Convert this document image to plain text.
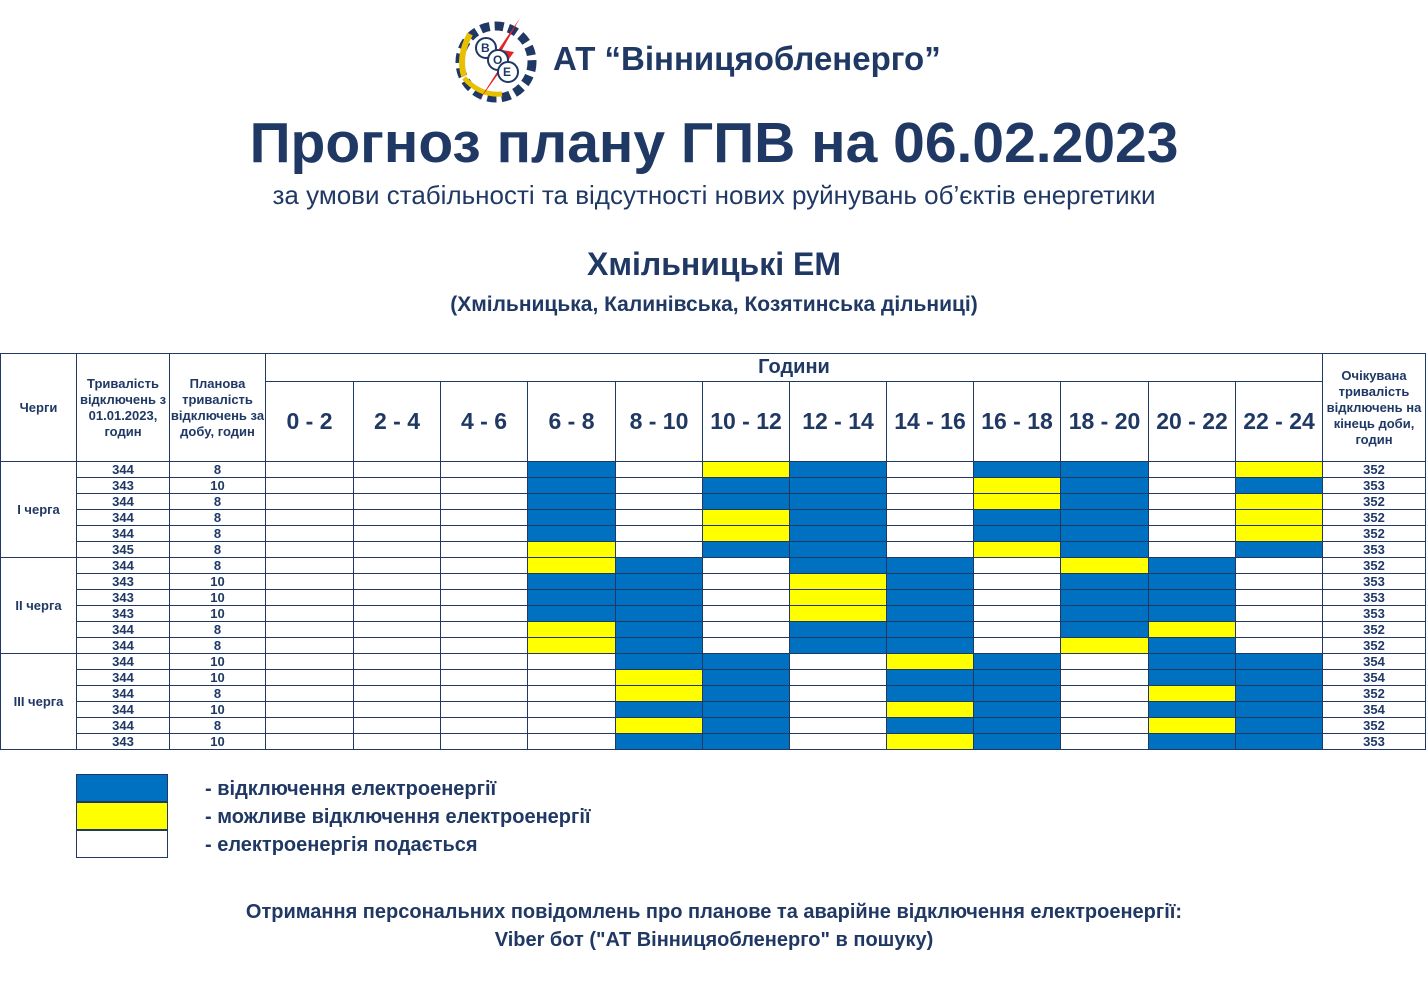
ВОЕ АТ “Вінницяобленерго”
Прогноз плану ГПВ на 06.02.2023
за умови стабільності та відсутності нових руйнувань об’єктів енергетики
Хмільницькі ЕМ
(Хмільницька, Калинівська, Козятинська дільниці)
Черги	Тривалість відключень з 01.01.2023, годин	Планова тривалість відключень за добу, годин	Години												Очікувана тривалість відключень на кінець доби, годин
			0 - 2	2 - 4	4 - 6	6 - 8	8 - 10	10 - 12	12 - 14	14 - 16	16 - 18	18 - 20	20 - 22	22 - 24	
І черга	344	8													352
	343	10													353
	344	8													352
	344	8													352
	344	8													352
	345	8													353
ІІ черга	344	8													352
	343	10													353
	343	10													353
	343	10													353
	344	8													352
	344	8													352
ІІІ черга	344	10													354
	344	10													354
	344	8													352
	344	10													354
	344	8													352
	343	10													353
- відключення електроенергії
- можливе відключення електроенергії
- електроенергія подається
Отримання персональних повідомлень про планове та аварійне відключення електроенергії:
Viber бот ("АТ Вінницяобленерго" в пошуку)
